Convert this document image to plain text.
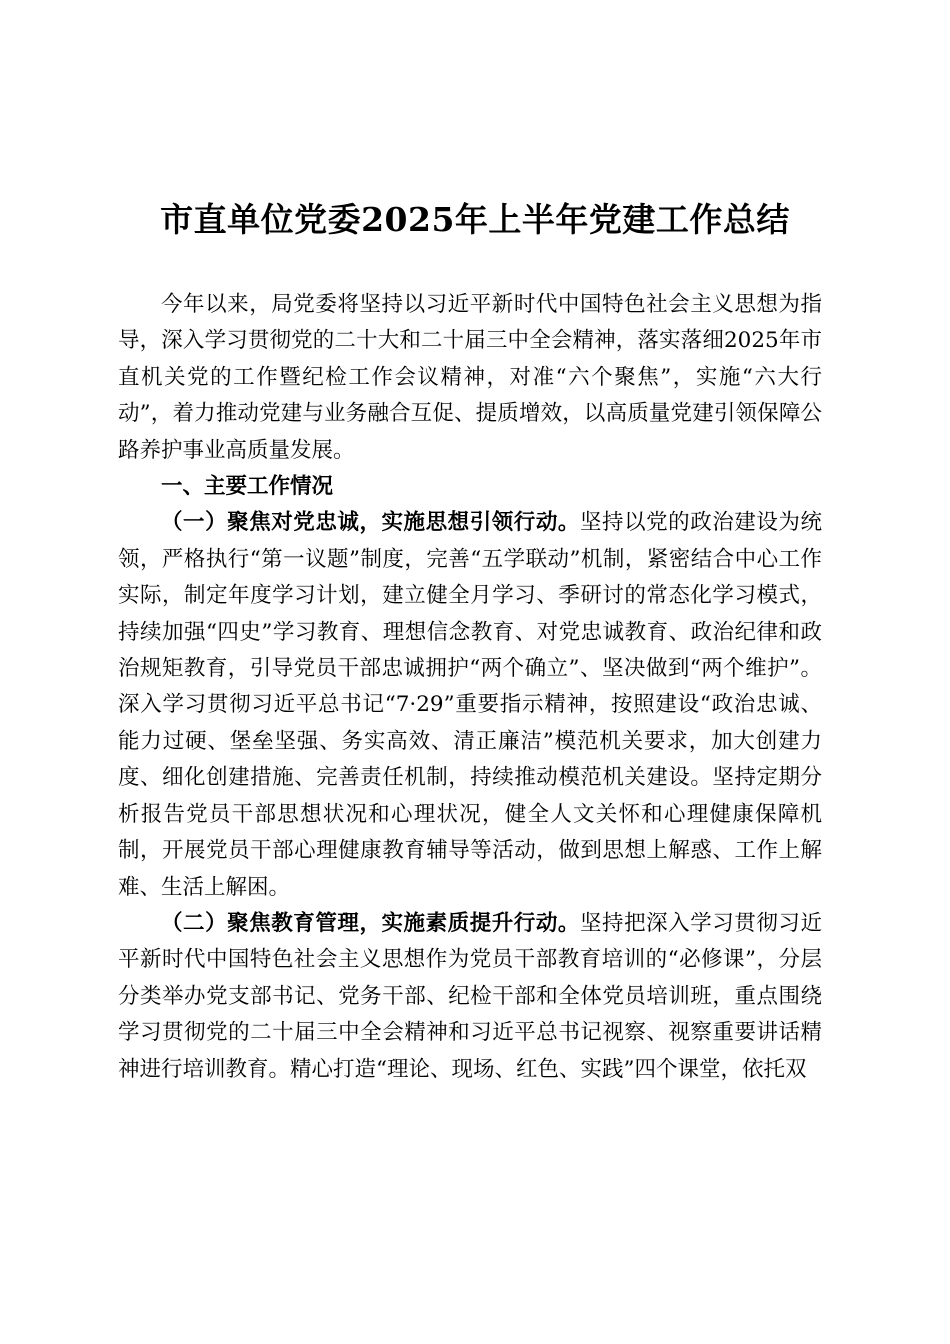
市直单位党委2025年上半年党建工作总结

今年以来，局党委将坚持以习近平新时代中国特色社会主义思想为指导，深入学习贯彻党的二十大和二十届三中全会精神，落实落细2025年市直机关党的工作暨纪检工作会议精神，对准“六个聚焦”，实施“六大行动”，着力推动党建与业务融合互促、提质增效，以高质量党建引领保障公路养护事业高质量发展。

一、主要工作情况

（一）聚焦对党忠诚，实施思想引领行动。坚持以党的政治建设为统领，严格执行“第一议题”制度，完善“五学联动”机制，紧密结合中心工作实际，制定年度学习计划，建立健全月学习、季研讨的常态化学习模式，持续加强“四史”学习教育、理想信念教育、对党忠诚教育、政治纪律和政治规矩教育，引导党员干部忠诚拥护“两个确立”、坚决做到“两个维护”。深入学习贯彻习近平总书记“7·29”重要指示精神，按照建设“政治忠诚、能力过硬、堡垒坚强、务实高效、清正廉洁”模范机关要求，加大创建力度、细化创建措施、完善责任机制，持续推动模范机关建设。坚持定期分析报告党员干部思想状况和心理状况，健全人文关怀和心理健康保障机制，开展党员干部心理健康教育辅导等活动，做到思想上解惑、工作上解难、生活上解困。

（二）聚焦教育管理，实施素质提升行动。坚持把深入学习贯彻习近平新时代中国特色社会主义思想作为党员干部教育培训的“必修课”，分层分类举办党支部书记、党务干部、纪检干部和全体党员培训班，重点围绕学习贯彻党的二十届三中全会精神和习近平总书记视察、视察重要讲话精神进行培训教育。精心打造“理论、现场、红色、实践”四个课堂，依托双
